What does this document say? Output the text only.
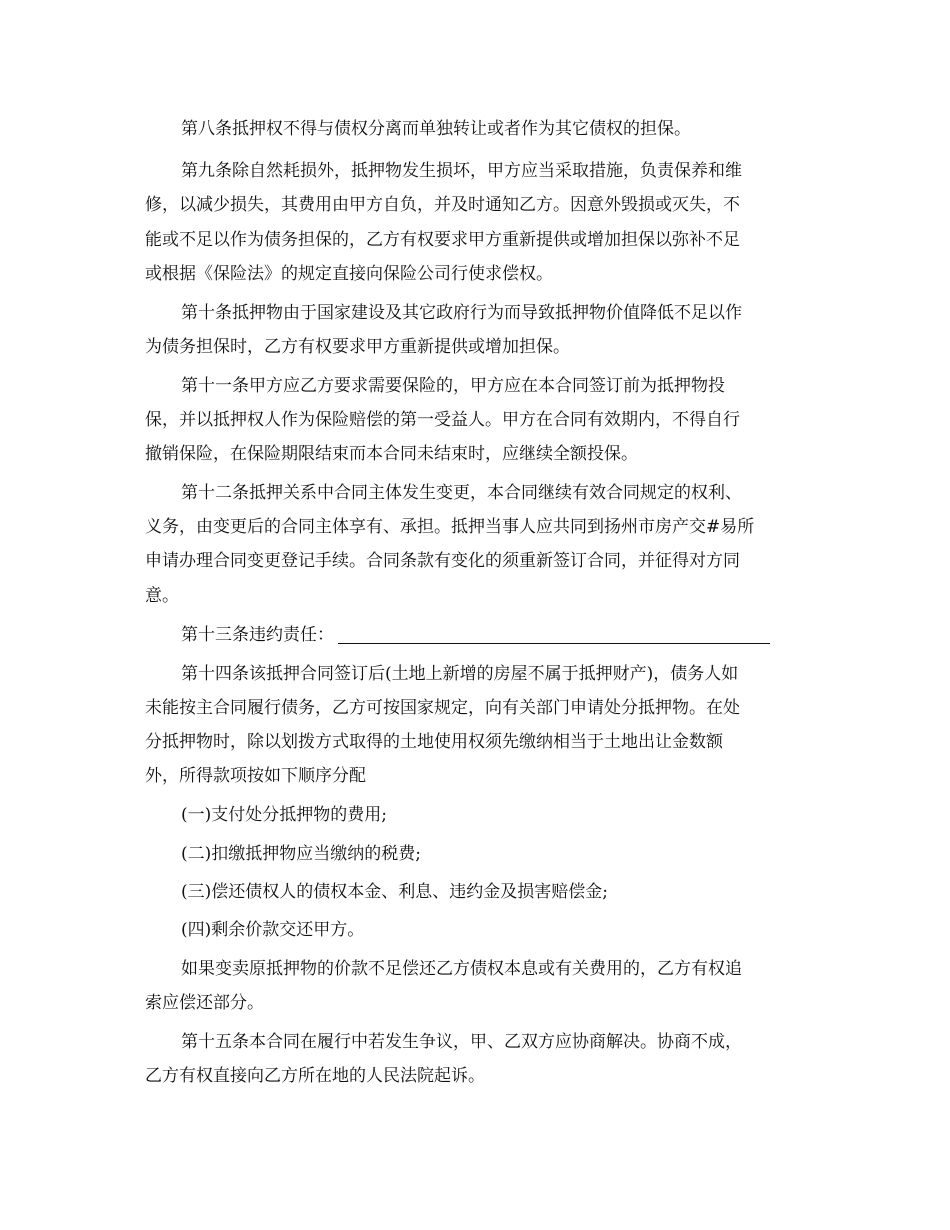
第八条抵押权不得与债权分离而单独转让或者作为其它债权的担保。
第九条除自然耗损外，抵押物发生损坏，甲方应当采取措施，负责保养和维
修，以减少损失，其费用由甲方自负，并及时通知乙方。因意外毁损或灭失，不
能或不足以作为债务担保的，乙方有权要求甲方重新提供或增加担保以弥补不足
或根据《保险法》的规定直接向保险公司行使求偿权。
第十条抵押物由于国家建设及其它政府行为而导致抵押物价值降低不足以作
为债务担保时，乙方有权要求甲方重新提供或增加担保。
第十一条甲方应乙方要求需要保险的，甲方应在本合同签订前为抵押物投
保，并以抵押权人作为保险赔偿的第一受益人。甲方在合同有效期内，不得自行
撤销保险，在保险期限结束而本合同未结束时，应继续全额投保。
第十二条抵押关系中合同主体发生变更，本合同继续有效合同规定的权利、
义务，由变更后的合同主体享有、承担。抵押当事人应共同到扬州市房产交#易所
申请办理合同变更登记手续。合同条款有变化的须重新签订合同，并征得对方同
意。
第十三条违约责任：
第十四条该抵押合同签订后(土地上新增的房屋不属于抵押财产)，债务人如
未能按主合同履行债务，乙方可按国家规定，向有关部门申请处分抵押物。在处
分抵押物时，除以划拨方式取得的土地使用权须先缴纳相当于土地出让金数额
外，所得款项按如下顺序分配
(一)支付处分抵押物的费用;
(二)扣缴抵押物应当缴纳的税费;
(三)偿还债权人的债权本金、利息、违约金及损害赔偿金;
(四)剩余价款交还甲方。
如果变卖原抵押物的价款不足偿还乙方债权本息或有关费用的，乙方有权追
索应偿还部分。
第十五条本合同在履行中若发生争议，甲、乙双方应协商解决。协商不成，
乙方有权直接向乙方所在地的人民法院起诉。
